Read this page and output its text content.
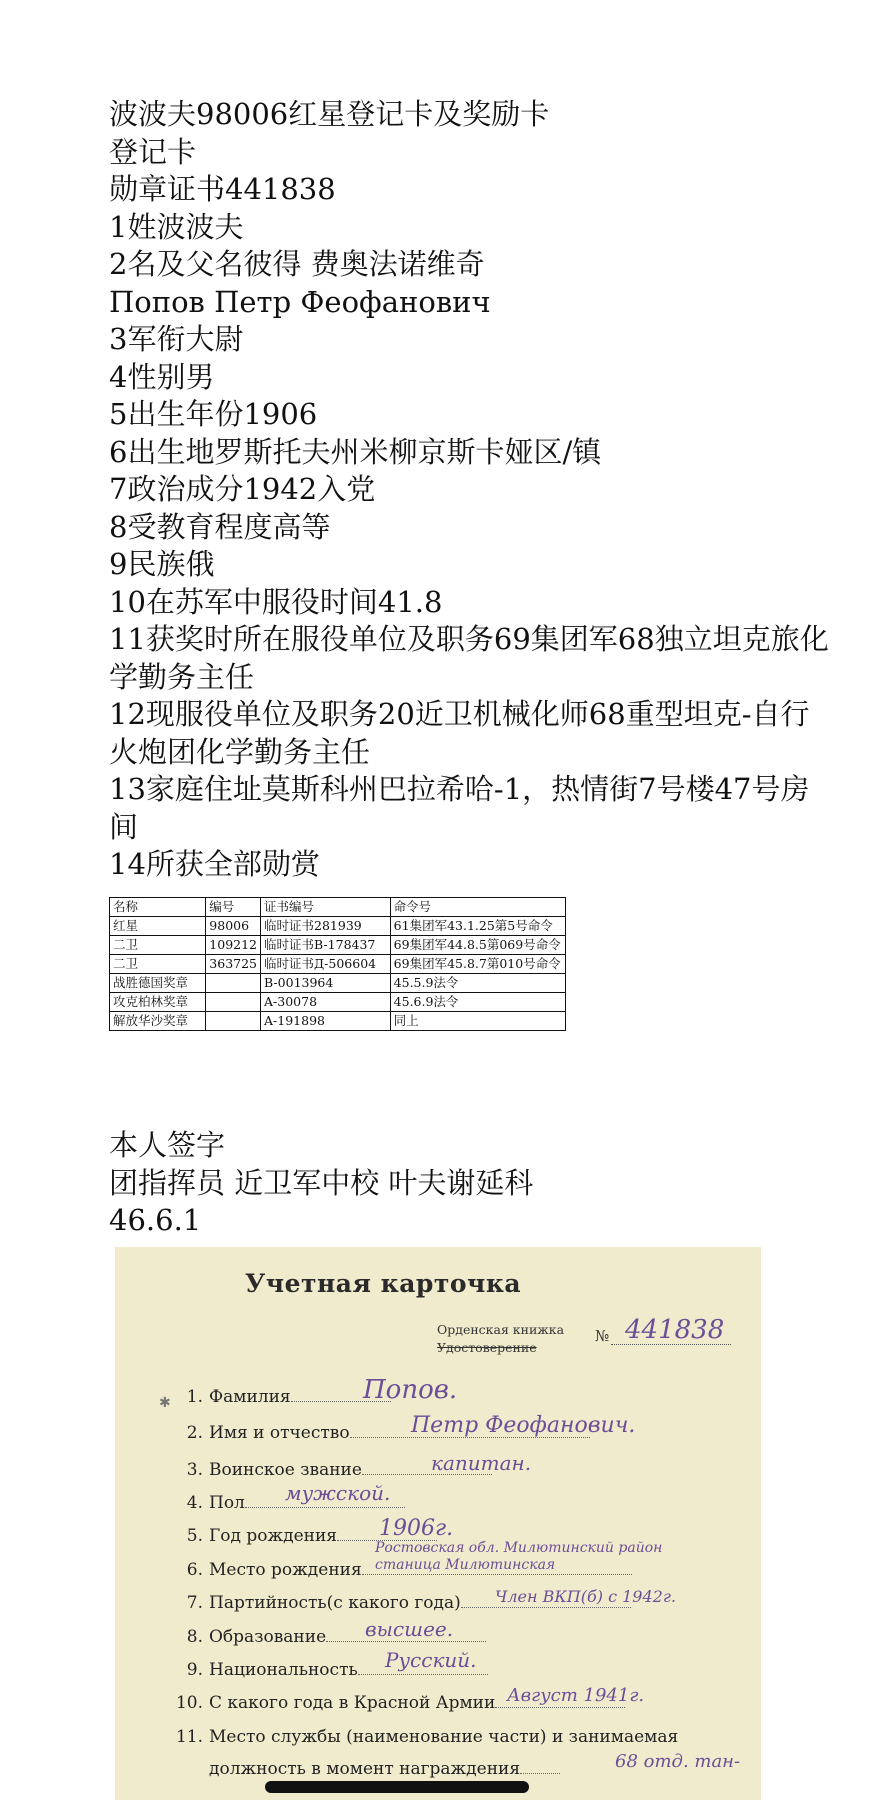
波波夫98006红星登记卡及奖励卡
登记卡
勋章证书441838
1姓波波夫
2名及父名彼得 费奥法诺维奇
Попов Петр Феофанович
3军衔大尉
4性别男
5出生年份1906
6出生地罗斯托夫州米柳京斯卡娅区/镇
7政治成分1942入党
8受教育程度高等
9民族俄
10在苏军中服役时间41.8
11获奖时所在服役单位及职务69集团军68独立坦克旅化学勤务主任
12现服役单位及职务20近卫机械化师68重型坦克-自行火炮团化学勤务主任
13家庭住址莫斯科州巴拉希哈-1，热情街7号楼47号房间
14所获全部勋赏
名称	编号	证书编号	命令号
红星	98006	临时证书281939	61集团军43.1.25第5号命令
二卫	109212	临时证书B-178437	69集团军44.8.5第069号命令
二卫	363725	临时证书Д-506604	69集团军45.8.7第010号命令
战胜德国奖章		B-0013964	45.5.9法令
攻克柏林奖章		A-30078	45.6.9法令
解放华沙奖章		A-191898	同上
本人签字
团指挥员 近卫军中校 叶夫谢延科
46.6.1
Учетная карточка
Орденская книжка
Удостоверение
№ 441838
✱ 1. Фамилия	Попов.
2. Имя и отчество	Петр Феофанович.
3. Воинское звание	капитан.
4. Пол мужской.
5. Год рождения 1906г.
6. Место рождения
Ростовская обл. Милютинский район станица Милютинская
7. Партийность(с какого года) Член ВКП(б) с 1942г.
8. Образование высшее.
9. Национальность Русский.
10. С какого года в Красной Армии Август 1941г.
11. Место службы (наименование части) и занимаемая
должность в момент награждения	68 отд. тан-
